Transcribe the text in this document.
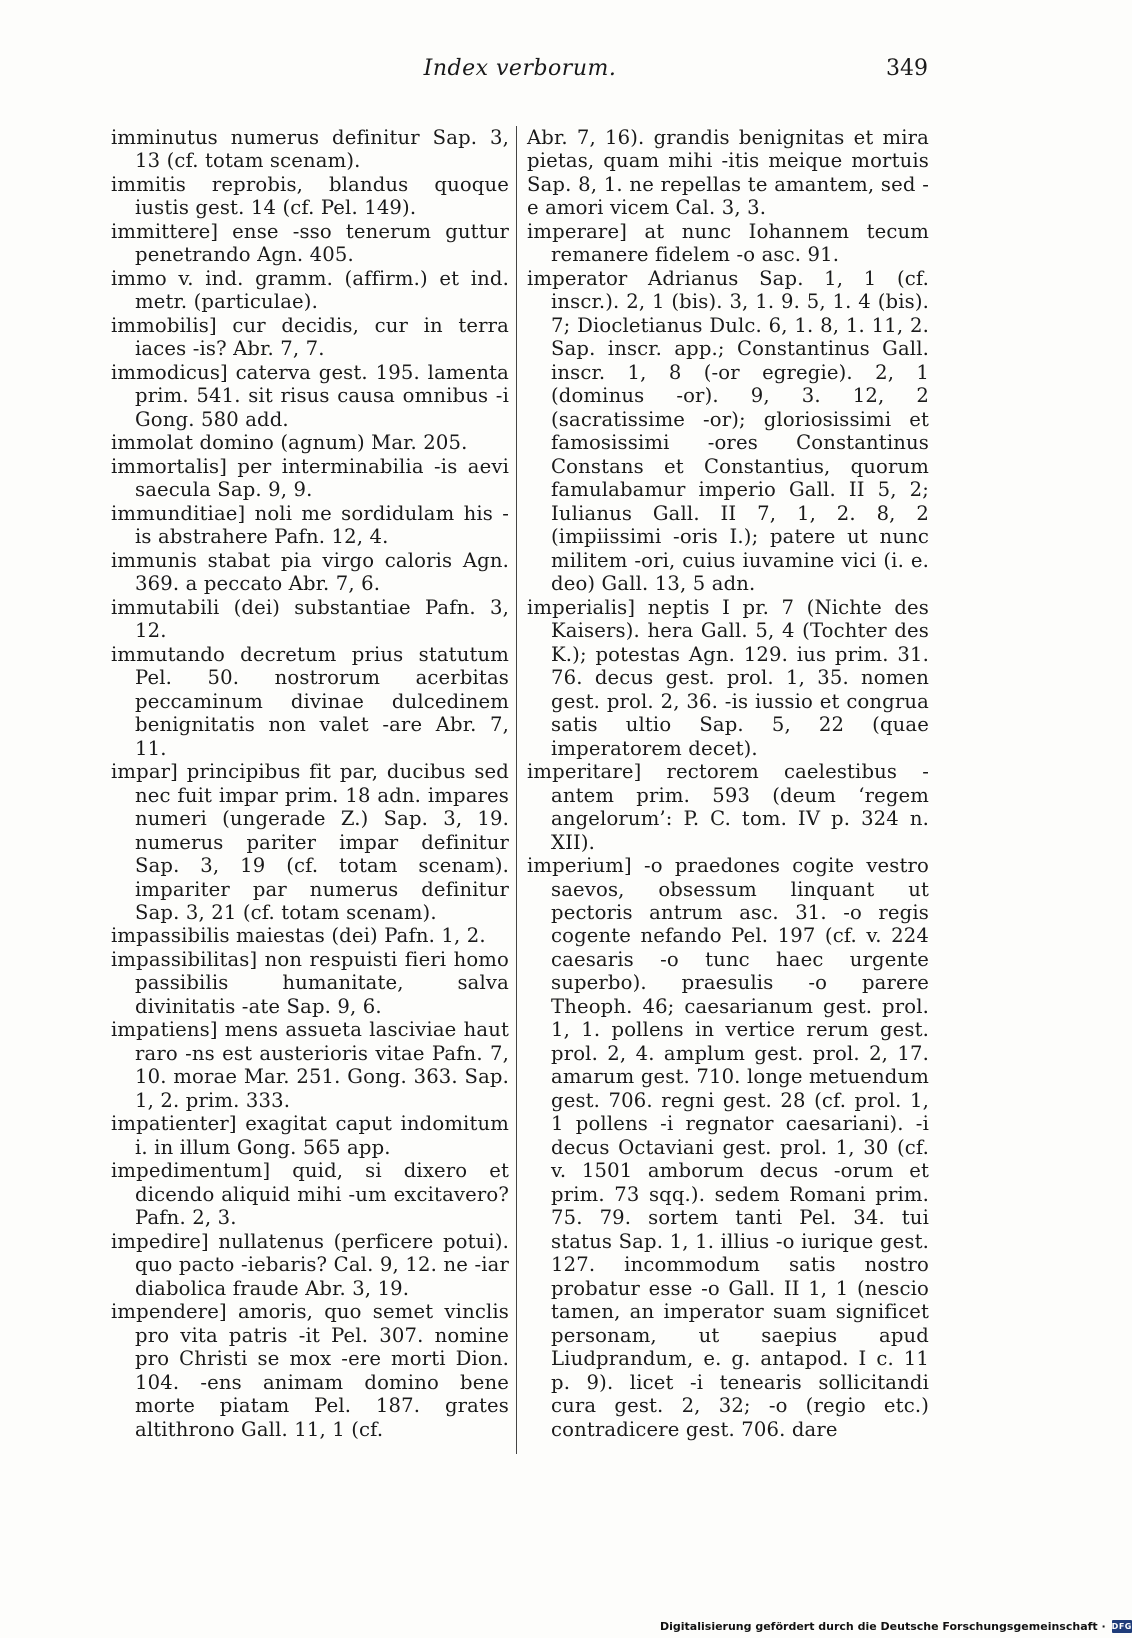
Index verborum.	349

imminutus numerus definitur Sap. 3, 13 (cf. totam scenam).

immitis reprobis, blandus quoque iustis gest. 14 (cf. Pel. 149).

immittere] ense -sso tenerum guttur penetrando Agn. 405.

immo v. ind. gramm. (affirm.) et ind. metr. (particulae).

immobilis] cur decidis, cur in terra iaces -is? Abr. 7, 7.

immodicus] caterva gest. 195. lamenta prim. 541. sit risus causa omnibus -i Gong. 580 add.

immolat domino (agnum) Mar. 205.

immortalis] per interminabilia -is aevi saecula Sap. 9, 9.

immunditiae] noli me sordidulam his -is abstrahere Pafn. 12, 4.

immunis stabat pia virgo caloris Agn. 369. a peccato Abr. 7, 6.

immutabili (dei) substantiae Pafn. 3, 12.

immutando decretum prius statutum Pel. 50. nostrorum acerbitas peccaminum divinae dulcedinem benignitatis non valet -are Abr. 7, 11.

impar] principibus fit par, ducibus sed nec fuit impar prim. 18 adn. impares numeri (ungerade Z.) Sap. 3, 19. numerus pariter impar definitur Sap. 3, 19 (cf. totam scenam). impariter par numerus definitur Sap. 3, 21 (cf. totam scenam).

impassibilis maiestas (dei) Pafn. 1, 2.

impassibilitas] non respuisti fieri homo passibilis humanitate, salva divinitatis -ate Sap. 9, 6.

impatiens] mens assueta lasciviae haut raro -ns est austerioris vitae Pafn. 7, 10. morae Mar. 251. Gong. 363. Sap. 1, 2. prim. 333.

impatienter] exagitat caput indomitum i. in illum Gong. 565 app.

impedimentum] quid, si dixero et dicendo aliquid mihi -um excitavero? Pafn. 2, 3.

impedire] nullatenus (perficere potui). quo pacto -iebaris? Cal. 9, 12. ne -iar diabolica fraude Abr. 3, 19.

impendere] amoris, quo semet vinclis pro vita patris -it Pel. 307. nomine pro Christi se mox -ere morti Dion. 104. -ens animam domino bene morte piatam Pel. 187. grates altithrono Gall. 11, 1 (cf.

Abr. 7, 16). grandis benignitas et mira pietas, quam mihi -itis meique mortuis Sap. 8, 1. ne repellas te amantem, sed -e amori vicem Cal. 3, 3.

imperare] at nunc Iohannem tecum remanere fidelem -o asc. 91.

imperator Adrianus Sap. 1, 1 (cf. inscr.). 2, 1 (bis). 3, 1. 9. 5, 1. 4 (bis). 7; Diocletianus Dulc. 6, 1. 8, 1. 11, 2. Sap. inscr. app.; Constantinus Gall. inscr. 1, 8 (-or egregie). 2, 1 (dominus -or). 9, 3. 12, 2 (sacratissime -or); gloriosissimi et famosissimi -ores Constantinus Constans et Constantius, quorum famulabamur imperio Gall. II 5, 2; Iulianus Gall. II 7, 1, 2. 8, 2 (impiissimi -oris I.); patere ut nunc militem -ori, cuius iuvamine vici (i. e. deo) Gall. 13, 5 adn.

imperialis] neptis I pr. 7 (Nichte des Kaisers). hera Gall. 5, 4 (Tochter des K.); potestas Agn. 129. ius prim. 31. 76. decus gest. prol. 1, 35. nomen gest. prol. 2, 36. -is iussio et congrua satis ultio Sap. 5, 22 (quae imperatorem decet).

imperitare] rectorem caelestibus -antem prim. 593 (deum ‘regem angelorum’: P. C. tom. IV p. 324 n. XII).

imperium] -o praedones cogite vestro saevos, obsessum linquant ut pectoris antrum asc. 31. -o regis cogente nefando Pel. 197 (cf. v. 224 caesaris -o tunc haec urgente superbo). praesulis -o parere Theoph. 46; caesarianum gest. prol. 1, 1. pollens in vertice rerum gest. prol. 2, 4. amplum gest. prol. 2, 17. amarum gest. 710. longe metuendum gest. 706. regni gest. 28 (cf. prol. 1, 1 pollens -i regnator caesariani). -i decus Octaviani gest. prol. 1, 30 (cf. v. 1501 amborum decus -orum et prim. 73 sqq.). sedem Romani prim. 75. 79. sortem tanti Pel. 34. tui status Sap. 1, 1. illius -o iurique gest. 127. incommodum satis nostro probatur esse -o Gall. II 1, 1 (nescio tamen, an imperator suam significet personam, ut saepius apud Liudprandum, e. g. antapod. I c. 11 p. 9). licet -i tenearis sollicitandi cura gest. 2, 32; -o (regio etc.) contradicere gest. 706. dare

Digitalisierung gefördert durch die Deutsche Forschungsgemeinschaft · DFG
